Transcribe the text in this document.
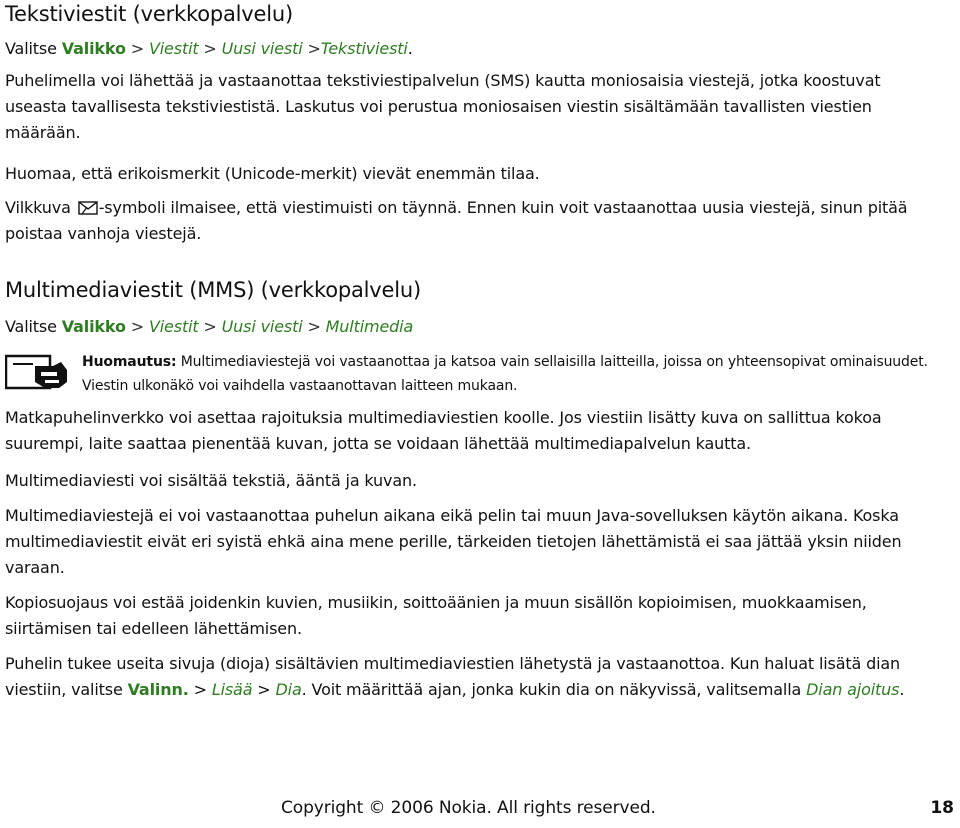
Tekstiviestit (verkkopalvelu)
Valitse Valikko > Viestit > Uusi viesti >Tekstiviesti.
Puhelimella voi lähettää ja vastaanottaa tekstiviestipalvelun (SMS) kautta moniosaisia viestejä, jotka koostuvat useasta tavallisesta tekstiviestistä. Laskutus voi perustua moniosaisen viestin sisältämään tavallisten viestien määrään.
Huomaa, että erikoismerkit (Unicode-merkit) vievät enemmän tilaa.
Vilkkuva -symboli ilmaisee, että viestimuisti on täynnä. Ennen kuin voit vastaanottaa uusia viestejä, sinun pitää poistaa vanhoja viestejä.
Multimediaviestit (MMS) (verkkopalvelu)
Valitse Valikko > Viestit > Uusi viesti > Multimedia
Huomautus: Multimediaviestejä voi vastaanottaa ja katsoa vain sellaisilla laitteilla, joissa on yhteensopivat ominaisuudet. Viestin ulkonäkö voi vaihdella vastaanottavan laitteen mukaan.
Matkapuhelinverkko voi asettaa rajoituksia multimediaviestien koolle. Jos viestiin lisätty kuva on sallittua kokoa suurempi, laite saattaa pienentää kuvan, jotta se voidaan lähettää multimediapalvelun kautta.
Multimediaviesti voi sisältää tekstiä, ääntä ja kuvan.
Multimediaviestejä ei voi vastaanottaa puhelun aikana eikä pelin tai muun Java-sovelluksen käytön aikana. Koska multimediaviestit eivät eri syistä ehkä aina mene perille, tärkeiden tietojen lähettämistä ei saa jättää yksin niiden varaan.
Kopiosuojaus voi estää joidenkin kuvien, musiikin, soittoäänien ja muun sisällön kopioimisen, muokkaamisen, siirtämisen tai edelleen lähettämisen.
Puhelin tukee useita sivuja (dioja) sisältävien multimediaviestien lähetystä ja vastaanottoa. Kun haluat lisätä dian viestiin, valitse Valinn. > Lisää > Dia. Voit määrittää ajan, jonka kukin dia on näkyvissä, valitsemalla Dian ajoitus.
Copyright © 2006 Nokia. All rights reserved.	18
